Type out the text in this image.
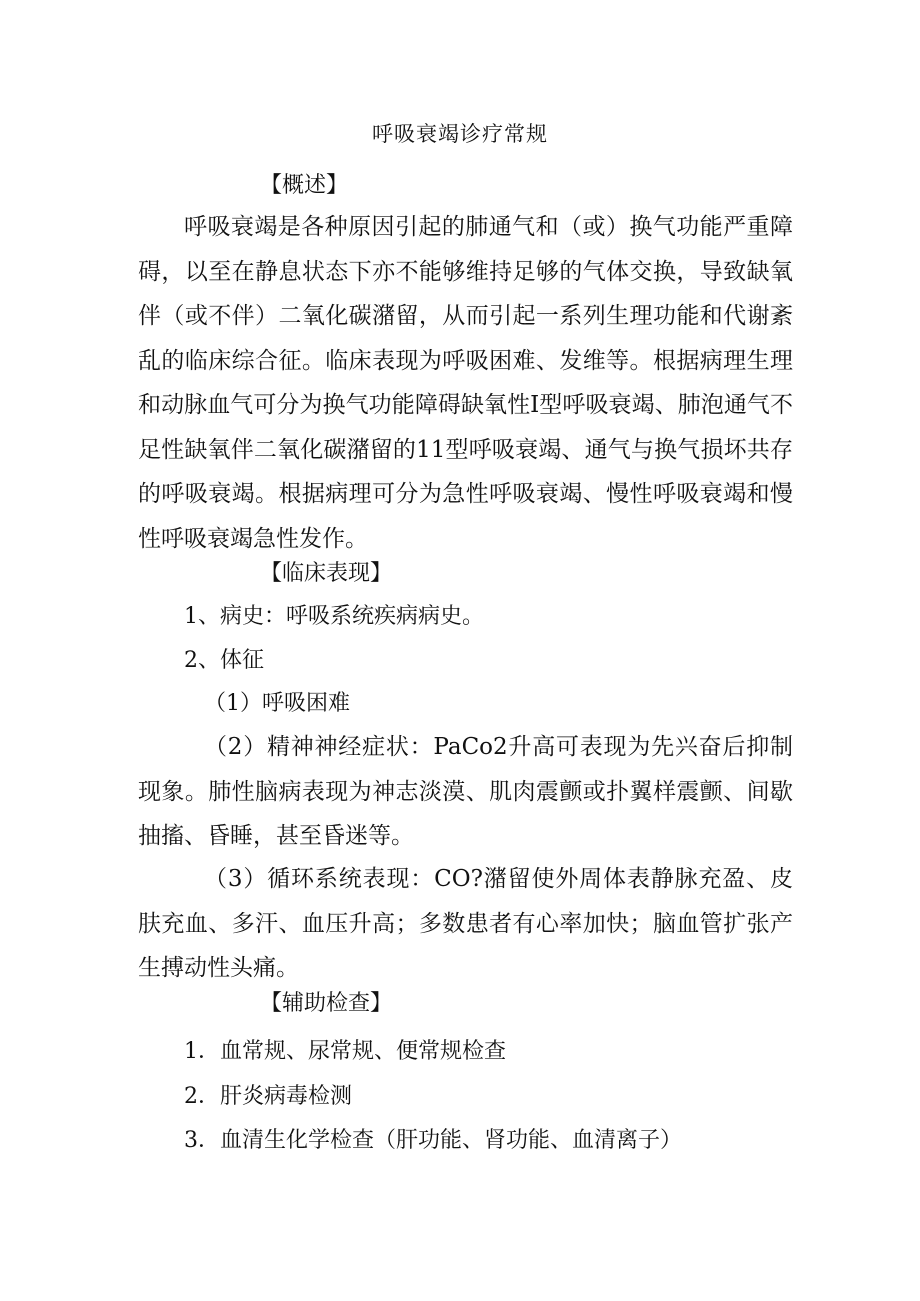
呼吸衰竭诊疗常规
【概述】
呼吸衰竭是各种原因引起的肺通气和（或）换气功能严重障碍，以至在静息状态下亦不能够维持足够的气体交换，导致缺氧伴（或不伴）二氧化碳潴留，从而引起一系列生理功能和代谢紊乱的临床综合征。临床表现为呼吸困难、发维等。根据病理生理和动脉血气可分为换气功能障碍缺氧性Ⅰ型呼吸衰竭、肺泡通气不足性缺氧伴二氧化碳潴留的11型呼吸衰竭、通气与换气损坏共存的呼吸衰竭。根据病理可分为急性呼吸衰竭、慢性呼吸衰竭和慢性呼吸衰竭急性发作。
【临床表现】
1、病史：呼吸系统疾病病史。
2、体征
（1）呼吸困难
（2）精神神经症状：PaCo2升高可表现为先兴奋后抑制现象。肺性脑病表现为神志淡漠、肌肉震颤或扑翼样震颤、间歇抽搐、昏睡，甚至昏迷等。
（3）循环系统表现：CO?潴留使外周体表静脉充盈、皮肤充血、多汗、血压升高；多数患者有心率加快；脑血管扩张产生搏动性头痛。
【辅助检查】
1．血常规、尿常规、便常规检查
2．肝炎病毒检测
3．血清生化学检查（肝功能、肾功能、血清离子）
